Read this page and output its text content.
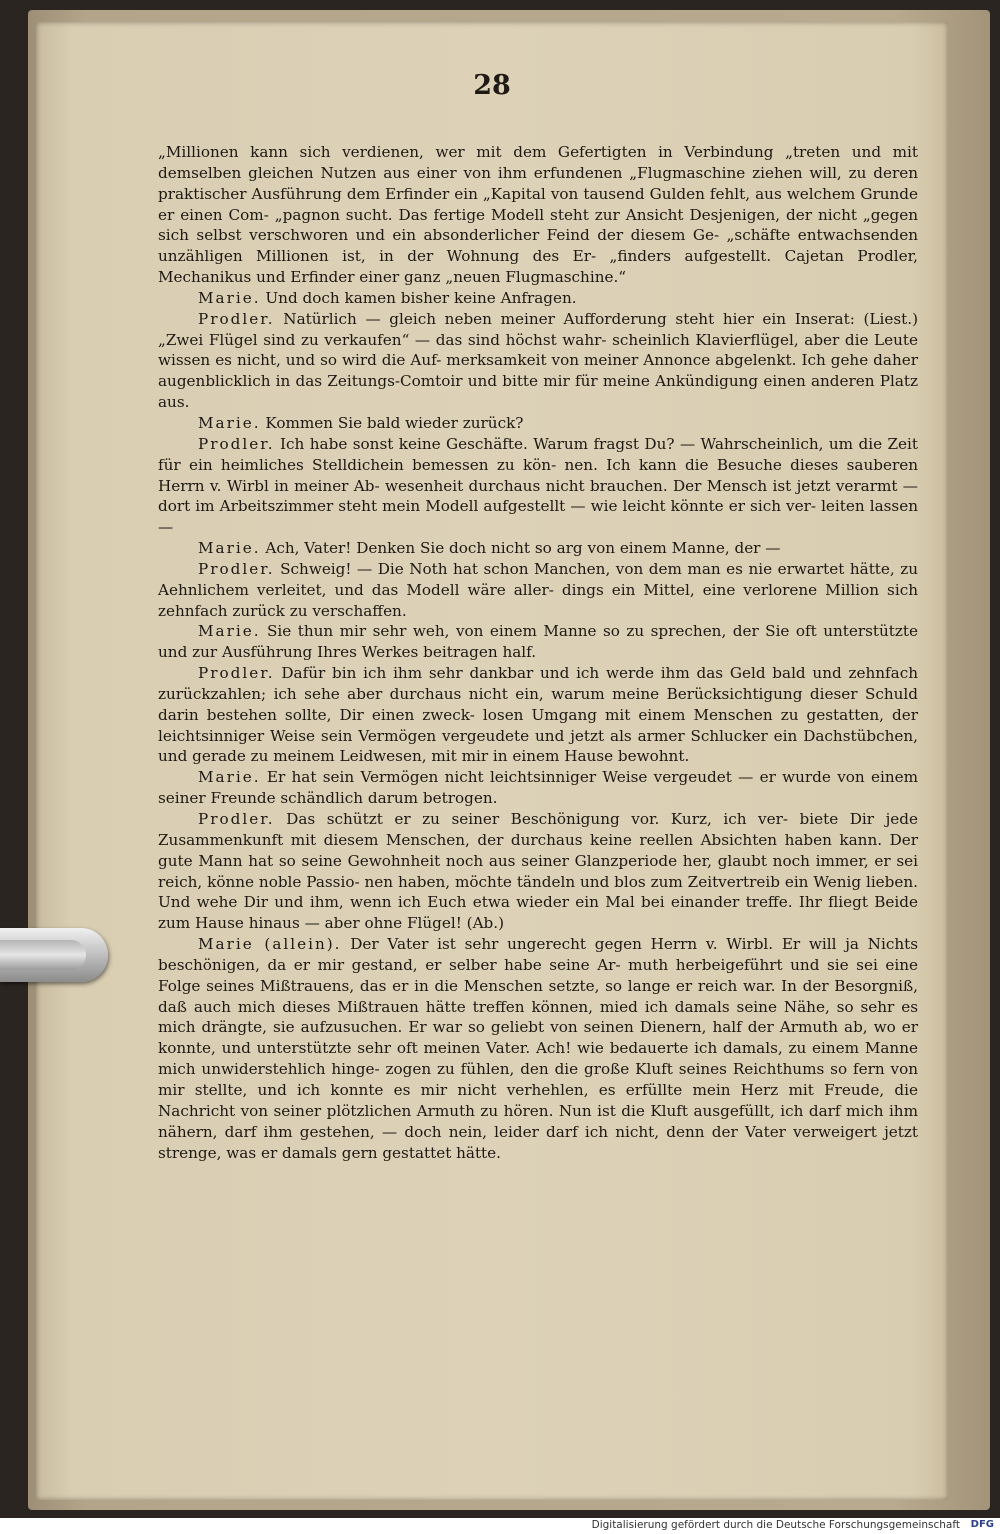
28

„Millionen kann sich verdienen, wer mit dem Gefertigten in Verbindung „treten und mit demselben gleichen Nutzen aus einer von ihm erfundenen „Flugmaschine ziehen will, zu deren praktischer Ausführung dem Erfinder ein „Kapital von tausend Gulden fehlt, aus welchem Grunde er einen Com- „pagnon sucht. Das fertige Modell steht zur Ansicht Desjenigen, der nicht „gegen sich selbst verschworen und ein absonderlicher Feind der diesem Ge- „schäfte entwachsenden unzähligen Millionen ist, in der Wohnung des Er- „finders aufgestellt. Cajetan Prodler, Mechanikus und Erfinder einer ganz „neuen Flugmaschine.“

Marie. Und doch kamen bisher keine Anfragen.

Prodler. Natürlich — gleich neben meiner Aufforderung steht hier ein Inserat: (Liest.) „Zwei Flügel sind zu verkaufen“ — das sind höchst wahr- scheinlich Klavierflügel, aber die Leute wissen es nicht, und so wird die Auf- merksamkeit von meiner Annonce abgelenkt. Ich gehe daher augenblicklich in das Zeitungs-Comtoir und bitte mir für meine Ankündigung einen anderen Platz aus.

Marie. Kommen Sie bald wieder zurück?

Prodler. Ich habe sonst keine Geschäfte. Warum fragst Du? — Wahrscheinlich, um die Zeit für ein heimliches Stelldichein bemessen zu kön- nen. Ich kann die Besuche dieses sauberen Herrn v. Wirbl in meiner Ab- wesenheit durchaus nicht brauchen. Der Mensch ist jetzt verarmt — dort im Arbeitszimmer steht mein Modell aufgestellt — wie leicht könnte er sich ver- leiten lassen —

Marie. Ach, Vater! Denken Sie doch nicht so arg von einem Manne, der —

Prodler. Schweig! — Die Noth hat schon Manchen, von dem man es nie erwartet hätte, zu Aehnlichem verleitet, und das Modell wäre aller- dings ein Mittel, eine verlorene Million sich zehnfach zurück zu verschaffen.

Marie. Sie thun mir sehr weh, von einem Manne so zu sprechen, der Sie oft unterstützte und zur Ausführung Ihres Werkes beitragen half.

Prodler. Dafür bin ich ihm sehr dankbar und ich werde ihm das Geld bald und zehnfach zurückzahlen; ich sehe aber durchaus nicht ein, warum meine Berücksichtigung dieser Schuld darin bestehen sollte, Dir einen zweck- losen Umgang mit einem Menschen zu gestatten, der leichtsinniger Weise sein Vermögen vergeudete und jetzt als armer Schlucker ein Dachstübchen, und gerade zu meinem Leidwesen, mit mir in einem Hause bewohnt.

Marie. Er hat sein Vermögen nicht leichtsinniger Weise vergeudet — er wurde von einem seiner Freunde schändlich darum betrogen.

Prodler. Das schützt er zu seiner Beschönigung vor. Kurz, ich ver- biete Dir jede Zusammenkunft mit diesem Menschen, der durchaus keine reellen Absichten haben kann. Der gute Mann hat so seine Gewohnheit noch aus seiner Glanzperiode her, glaubt noch immer, er sei reich, könne noble Passio- nen haben, möchte tändeln und blos zum Zeitvertreib ein Wenig lieben. Und wehe Dir und ihm, wenn ich Euch etwa wieder ein Mal bei einander treffe. Ihr fliegt Beide zum Hause hinaus — aber ohne Flügel! (Ab.)

Marie (allein). Der Vater ist sehr ungerecht gegen Herrn v. Wirbl. Er will ja Nichts beschönigen, da er mir gestand, er selber habe seine Ar- muth herbeigeführt und sie sei eine Folge seines Mißtrauens, das er in die Menschen setzte, so lange er reich war. In der Besorgniß, daß auch mich dieses Mißtrauen hätte treffen können, mied ich damals seine Nähe, so sehr es mich drängte, sie aufzusuchen. Er war so geliebt von seinen Dienern, half der Armuth ab, wo er konnte, und unterstützte sehr oft meinen Vater. Ach! wie bedauerte ich damals, zu einem Manne mich unwiderstehlich hinge- zogen zu fühlen, den die große Kluft seines Reichthums so fern von mir stellte, und ich konnte es mir nicht verhehlen, es erfüllte mein Herz mit Freude, die Nachricht von seiner plötzlichen Armuth zu hören. Nun ist die Kluft ausgefüllt, ich darf mich ihm nähern, darf ihm gestehen, — doch nein, leider darf ich nicht, denn der Vater verweigert jetzt strenge, was er damals gern gestattet hätte.

Digitalisierung gefördert durch die Deutsche Forschungsgemeinschaft DFG
